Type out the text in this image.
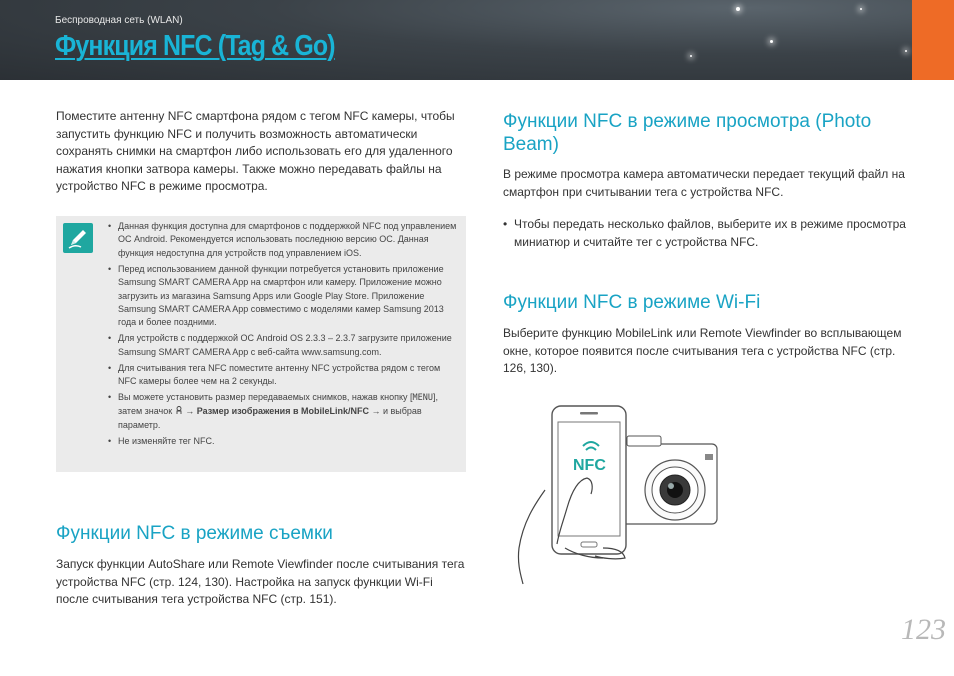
Беспроводная сеть (WLAN)
Функция NFC (Tag & Go)
Поместите антенну NFC смартфона рядом с тегом NFC камеры, чтобы запустить функцию NFC и получить возможность автоматически сохранять снимки на смартфон либо использовать его для удаленного нажатия кнопки затвора камеры. Также можно передавать файлы на устройство NFC в режиме просмотра.
• Данная функция доступна для смартфонов с поддержкой NFC под управлением ОС Android. Рекомендуется использовать последнюю версию ОС. Данная функция недоступна для устройств под управлением iOS.
• Перед использованием данной функции потребуется установить приложение Samsung SMART CAMERA App на смартфон или камеру. Приложение можно загрузить из магазина Samsung Apps или Google Play Store. Приложение Samsung SMART CAMERA App совместимо с моделями камер Samsung 2013 года и более поздними.
• Для устройств с поддержкой ОС Android OS 2.3.3 – 2.3.7 загрузите приложение Samsung SMART CAMERA App с веб-сайта www.samsung.com.
• Для считывания тега NFC поместите антенну NFC устройства рядом с тегом NFC камеры более чем на 2 секунды.
• Вы можете установить размер передаваемых снимков, нажав кнопку [MENU], затем значок  → Размер изображения в MobileLink/NFC → и выбрав параметр.
• Не изменяйте тег NFC.
Функции NFC в режиме съемки
Запуск функции AutoShare или Remote Viewfinder после считывания тега устройства NFC (стр. 124, 130). Настройка на запуск функции Wi-Fi после считывания тега устройства NFC (стр. 151).
Функции NFC в режиме просмотра (Photo Beam)
В режиме просмотра камера автоматически передает текущий файл на смартфон при считывании тега с устройства NFC.
• Чтобы передать несколько файлов, выберите их в режиме просмотра миниатюр и считайте тег с устройства NFC.
Функции NFC в режиме Wi-Fi
Выберите функцию MobileLink или Remote Viewfinder во всплывающем окне, которое появится после считывания тега с устройства NFC (стр. 126, 130).
NFC
123
